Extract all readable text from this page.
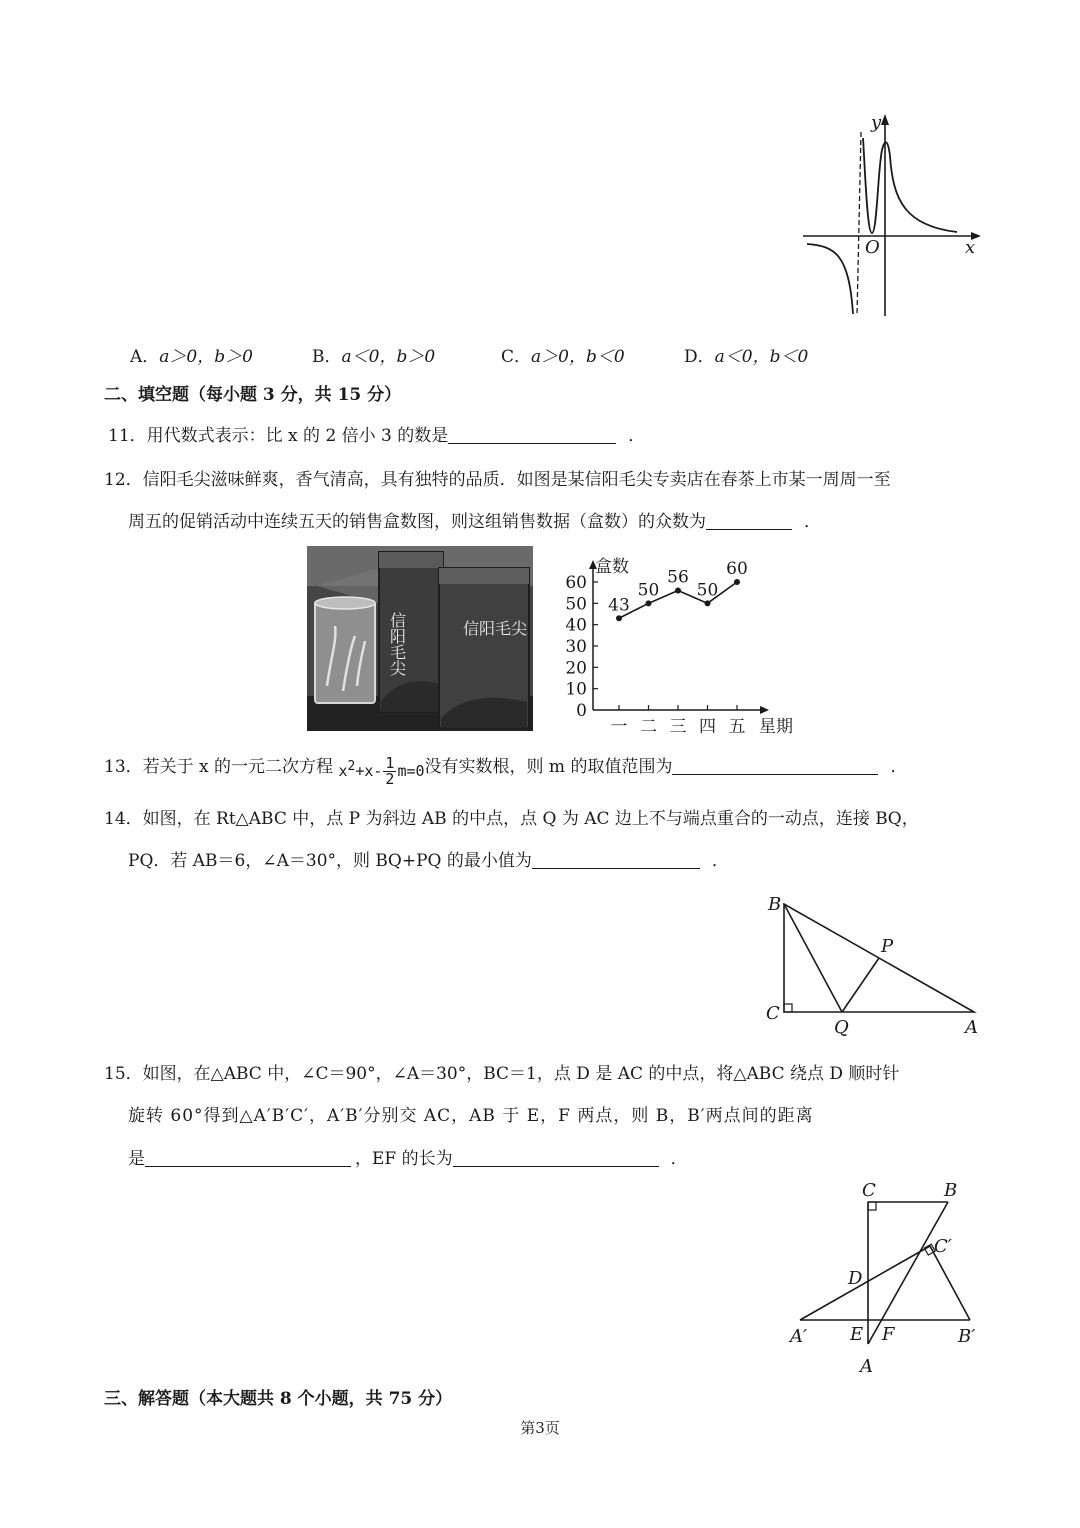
y
O	x
A．a＞0，b＞0	B．a＜0，b＞0	C．a＞0，b＜0	D．a＜0，b＜0
二、填空题（每小题 3 分，共 15 分）
11．用代数式表示：比 x 的 2 倍小 3 的数是	．
12．信阳毛尖滋味鲜爽，香气清高，具有独特的品质．如图是某信阳毛尖专卖店在春茶上市某一周周一至
周五的促销活动中连续五天的销售盒数图，则这组销售数据（盒数）的众数为	．
信阳毛尖	信阳毛尖
0
10
20
30
40
50
60
一 二 三 四 五
43
50
56
50
60
盒数
星期
13．若关于 x 的一元二次方程 $x^2+x- \frac{1}{2} m=0$没有实数根，则 m 的取值范围为	．
14．如图，在 Rt△ABC 中，点 P 为斜边 AB 的中点，点 Q 为 AC 边上不与端点重合的一动点，连接 BQ，
PQ．若 AB＝6，∠A＝30°，则 BQ+PQ 的最小值为	．
B
P
C
Q	A
15．如图，在△ABC 中，∠C＝90°，∠A＝30°，BC＝1，点 D 是 AC 的中点，将△ABC 绕点 D 顺时针
旋转 60°得到△A′B′C′，A′B′分别交 AC，AB 于 E，F 两点，则 B，B′两点间的距离
是	，EF 的长为	．
C	B
C′
D
A′ E F	B′
A
三、解答题（本大题共 8 个小题，共 75 分）
第3页
